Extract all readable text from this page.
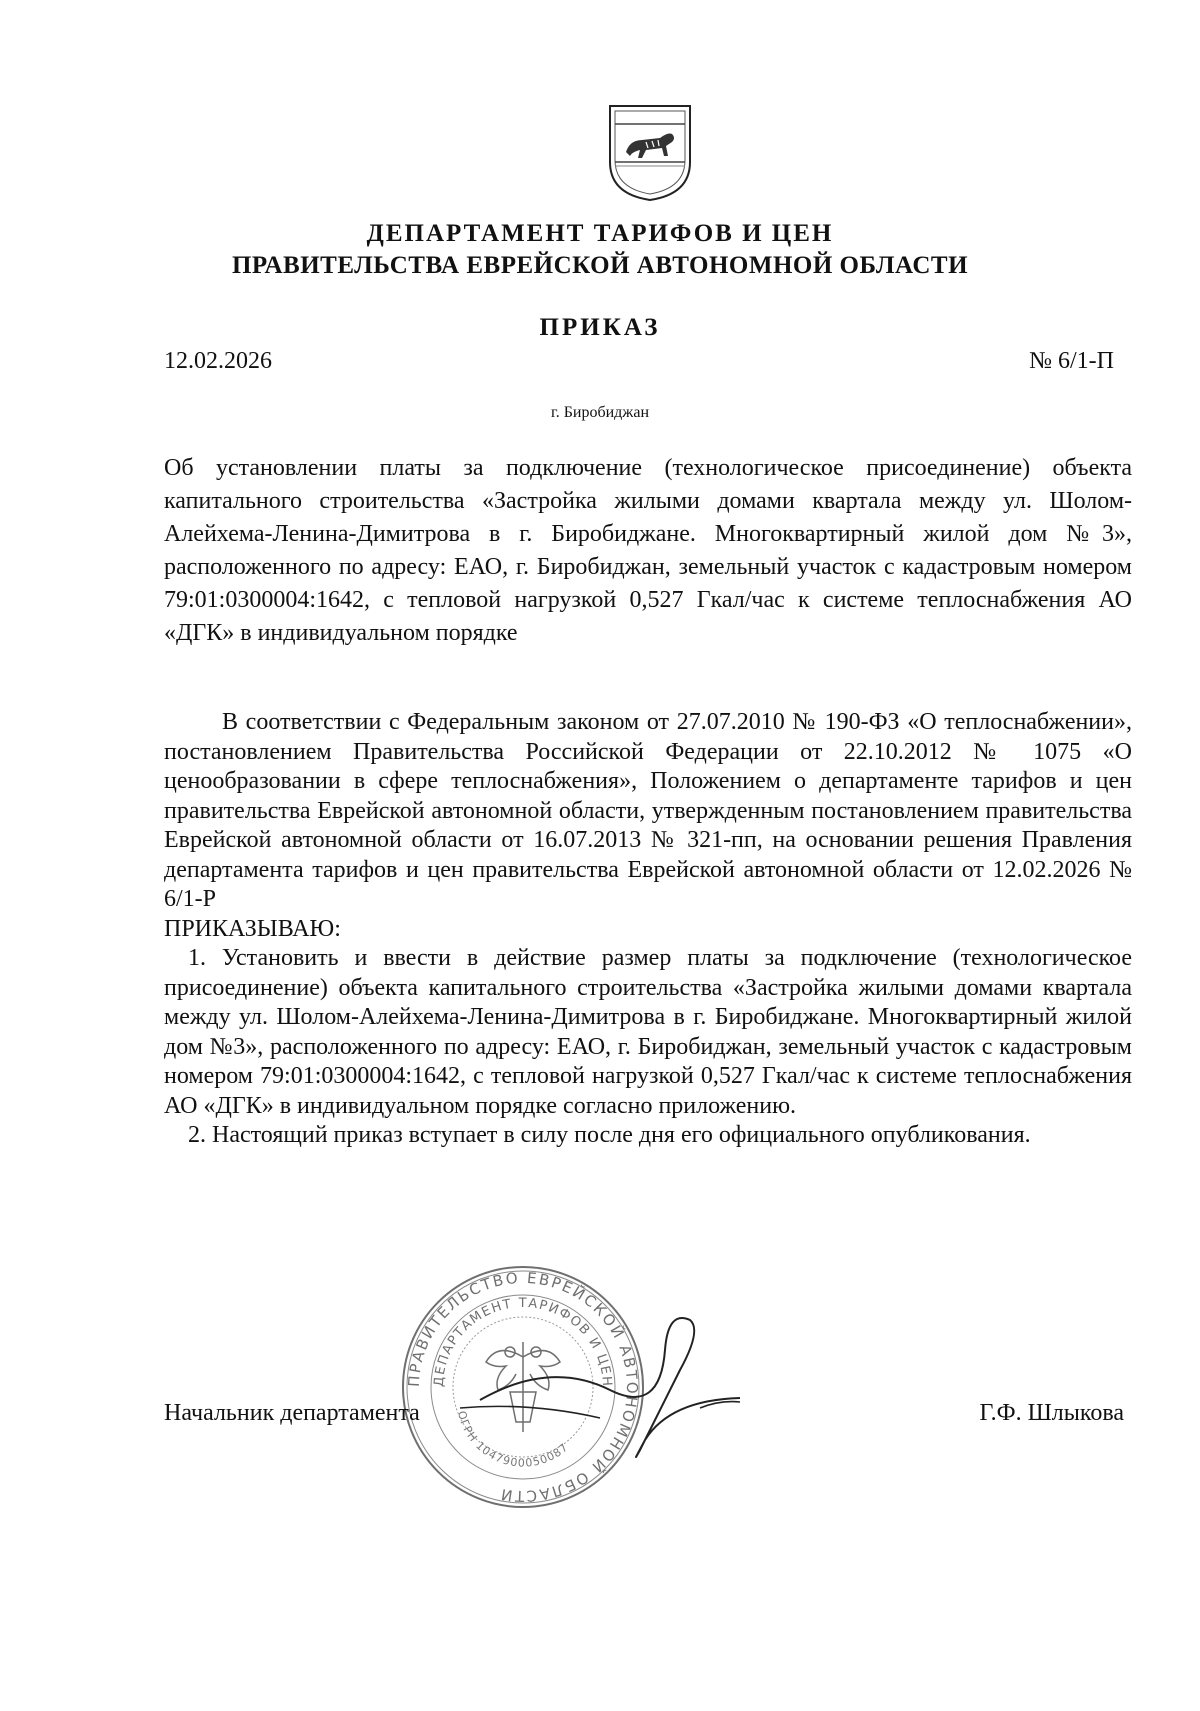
ДЕПАРТАМЕНТ ТАРИФОВ И ЦЕН
ПРАВИТЕЛЬСТВА ЕВРЕЙСКОЙ АВТОНОМНОЙ ОБЛАСТИ
ПРИКАЗ
12.02.2026	№ 6/1-П
г. Биробиджан
Об установлении платы за подключение (технологическое присоединение) объекта капитального строительства «Застройка жилыми домами квартала между ул. Шолом-Алейхема-Ленина-Димитрова в г. Биробиджане. Многоквартирный жилой дом №3», расположенного по адресу: ЕАО, г. Биробиджан, земельный участок с кадастровым номером 79:01:0300004:1642, с тепловой нагрузкой 0,527 Гкал/час к системе теплоснабжения АО «ДГК» в индивидуальном порядке

В соответствии с Федеральным законом от 27.07.2010 № 190-ФЗ «О теплоснабжении», постановлением Правительства Российской Федерации от 22.10.2012 № 1075 «О ценообразовании в сфере теплоснабжения», Положением о департаменте тарифов и цен правительства Еврейской автономной области, утвержденным постановлением правительства Еврейской автономной области от 16.07.2013 № 321-пп, на основании решения Правления департамента тарифов и цен правительства Еврейской автономной области от 12.02.2026 № 6/1-Р

ПРИКАЗЫВАЮ:

1. Установить и ввести в действие размер платы за подключение (технологическое присоединение) объекта капитального строительства «Застройка жилыми домами квартала между ул. Шолом-Алейхема-Ленина-Димитрова в г. Биробиджане. Многоквартирный жилой дом №3», расположенного по адресу: ЕАО, г. Биробиджан, земельный участок с кадастровым номером 79:01:0300004:1642, с тепловой нагрузкой 0,527 Гкал/час к системе теплоснабжения АО «ДГК» в индивидуальном порядке согласно приложению.

2. Настоящий приказ вступает в силу после дня его официального опубликования.

ПРАВИТЕЛЬСТВО ЕВРЕЙСКОЙ АВТОНОМНОЙ ОБЛАСТИ
ДЕПАРТАМЕНТ ТАРИФОВ И ЦЕН
ОГРН 1047900050087
Начальник департамента	Г.Ф. Шлыкова
